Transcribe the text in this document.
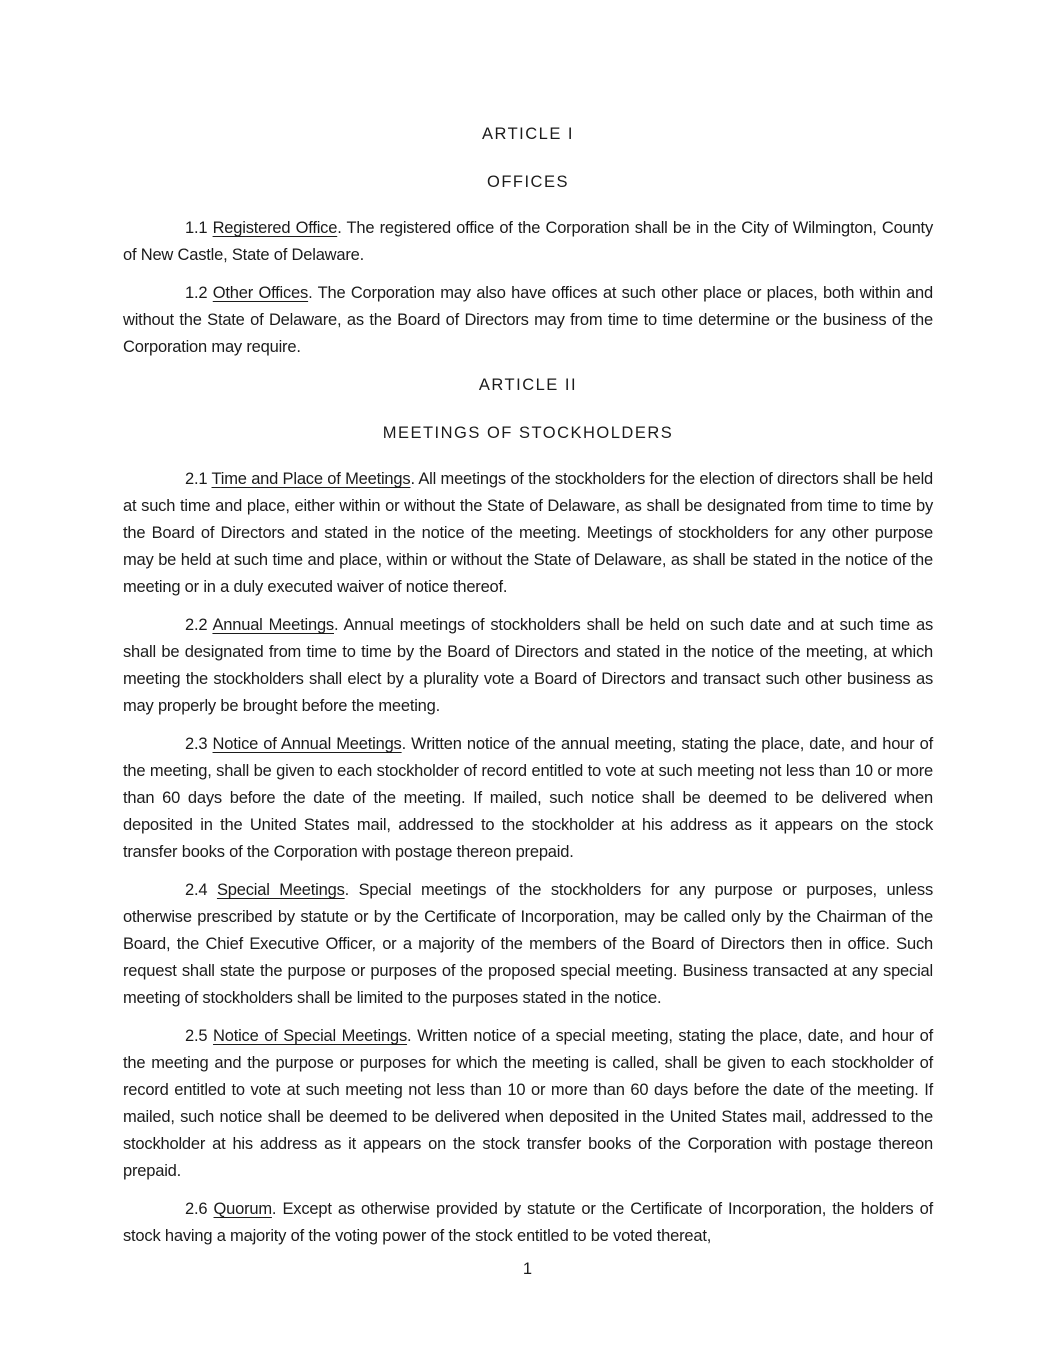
ARTICLE I
OFFICES

1.1 Registered Office. The registered office of the Corporation shall be in the City of Wilmington, County of New Castle, State of Delaware.

1.2 Other Offices. The Corporation may also have offices at such other place or places, both within and without the State of Delaware, as the Board of Directors may from time to time determine or the business of the Corporation may require.

ARTICLE II
MEETINGS OF STOCKHOLDERS

2.1 Time and Place of Meetings. All meetings of the stockholders for the election of directors shall be held at such time and place, either within or without the State of Delaware, as shall be designated from time to time by the Board of Directors and stated in the notice of the meeting. Meetings of stockholders for any other purpose may be held at such time and place, within or without the State of Delaware, as shall be stated in the notice of the meeting or in a duly executed waiver of notice thereof.

2.2 Annual Meetings. Annual meetings of stockholders shall be held on such date and at such time as shall be designated from time to time by the Board of Directors and stated in the notice of the meeting, at which meeting the stockholders shall elect by a plurality vote a Board of Directors and transact such other business as may properly be brought before the meeting.

2.3 Notice of Annual Meetings. Written notice of the annual meeting, stating the place, date, and hour of the meeting, shall be given to each stockholder of record entitled to vote at such meeting not less than 10 or more than 60 days before the date of the meeting. If mailed, such notice shall be deemed to be delivered when deposited in the United States mail, addressed to the stockholder at his address as it appears on the stock transfer books of the Corporation with postage thereon prepaid.

2.4 Special Meetings. Special meetings of the stockholders for any purpose or purposes, unless otherwise prescribed by statute or by the Certificate of Incorporation, may be called only by the Chairman of the Board, the Chief Executive Officer, or a majority of the members of the Board of Directors then in office. Such request shall state the purpose or purposes of the proposed special meeting. Business transacted at any special meeting of stockholders shall be limited to the purposes stated in the notice.

2.5 Notice of Special Meetings. Written notice of a special meeting, stating the place, date, and hour of the meeting and the purpose or purposes for which the meeting is called, shall be given to each stockholder of record entitled to vote at such meeting not less than 10 or more than 60 days before the date of the meeting. If mailed, such notice shall be deemed to be delivered when deposited in the United States mail, addressed to the stockholder at his address as it appears on the stock transfer books of the Corporation with postage thereon prepaid.

2.6 Quorum. Except as otherwise provided by statute or the Certificate of Incorporation, the holders of stock having a majority of the voting power of the stock entitled to be voted thereat,

1
